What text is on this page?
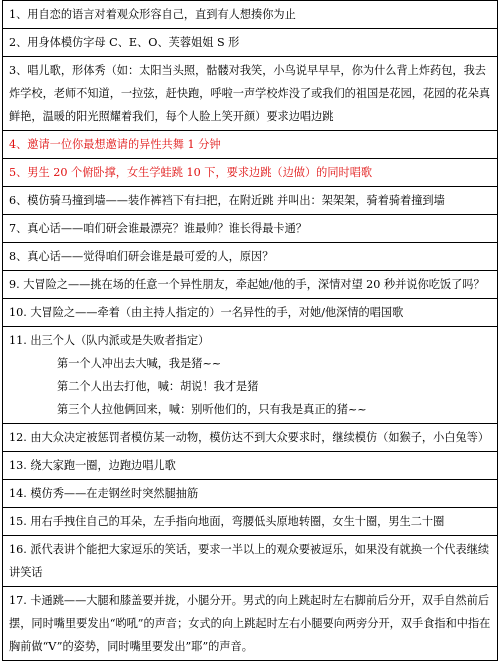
1、用自恋的语言对着观众形容自己，直到有人想揍你为止
2、用身体模仿字母 C、E、O、芙蓉姐姐 S 形
3、唱儿歌，形体秀（如：太阳当头照，骷髅对我笑，小鸟说早早早，你为什么背上炸药包，我去炸学校，老师不知道，一拉弦，赶快跑，呼啦一声学校炸没了或我们的祖国是花园，花园的花朵真鲜艳，温暖的阳光照耀着我们，每个人脸上笑开颜）要求边唱边跳
4、邀请一位你最想邀请的异性共舞 1 分钟
5、男生 20 个俯卧撑，女生学蛙跳 10 下，要求边跳（边做）的同时唱歌
6、模仿骑马撞到墙——装作裤裆下有扫把，在附近跳 并叫出：架架架，骑着骑着撞到墙
7、真心话——咱们研会谁最漂亮？谁最帅？谁长得最卡通？
8、真心话——觉得咱们研会谁是最可爱的人，原因？
9. 大冒险之——挑在场的任意一个异性朋友，牵起她/他的手，深情对望 20 秒并说你吃饭了吗？
10. 大冒险之——牵着（由主持人指定的）一名异性的手，对她/他深情的唱国歌
11. 出三个人（队内派或是失败者指定）
第一个人冲出去大喊，我是猪~~
第二个人出去打他，喊：胡说！我才是猪
第三个人拉他俩回来，喊：别听他们的，只有我是真正的猪~~
12. 由大众决定被惩罚者模仿某一动物，模仿达不到大众要求时，继续模仿（如猴子，小白兔等）
13. 绕大家跑一圈，边跑边唱儿歌
14. 模仿秀——在走钢丝时突然腿抽筋
15. 用右手拽住自己的耳朵，左手指向地面，弯腰低头原地转圈，女生十圈，男生二十圈
16. 派代表讲个能把大家逗乐的笑话，要求一半以上的观众要被逗乐，如果没有就换一个代表继续讲笑话
17. 卡通跳——大腿和膝盖要并拢，小腿分开。男式的向上跳起时左右脚前后分开，双手自然前后摆，同时嘴里要发出“哟吼”的声音；女式的向上跳起时左右小腿要向两旁分开，双手食指和中指在胸前做“V”的姿势，同时嘴里要发出”耶”的声音。
